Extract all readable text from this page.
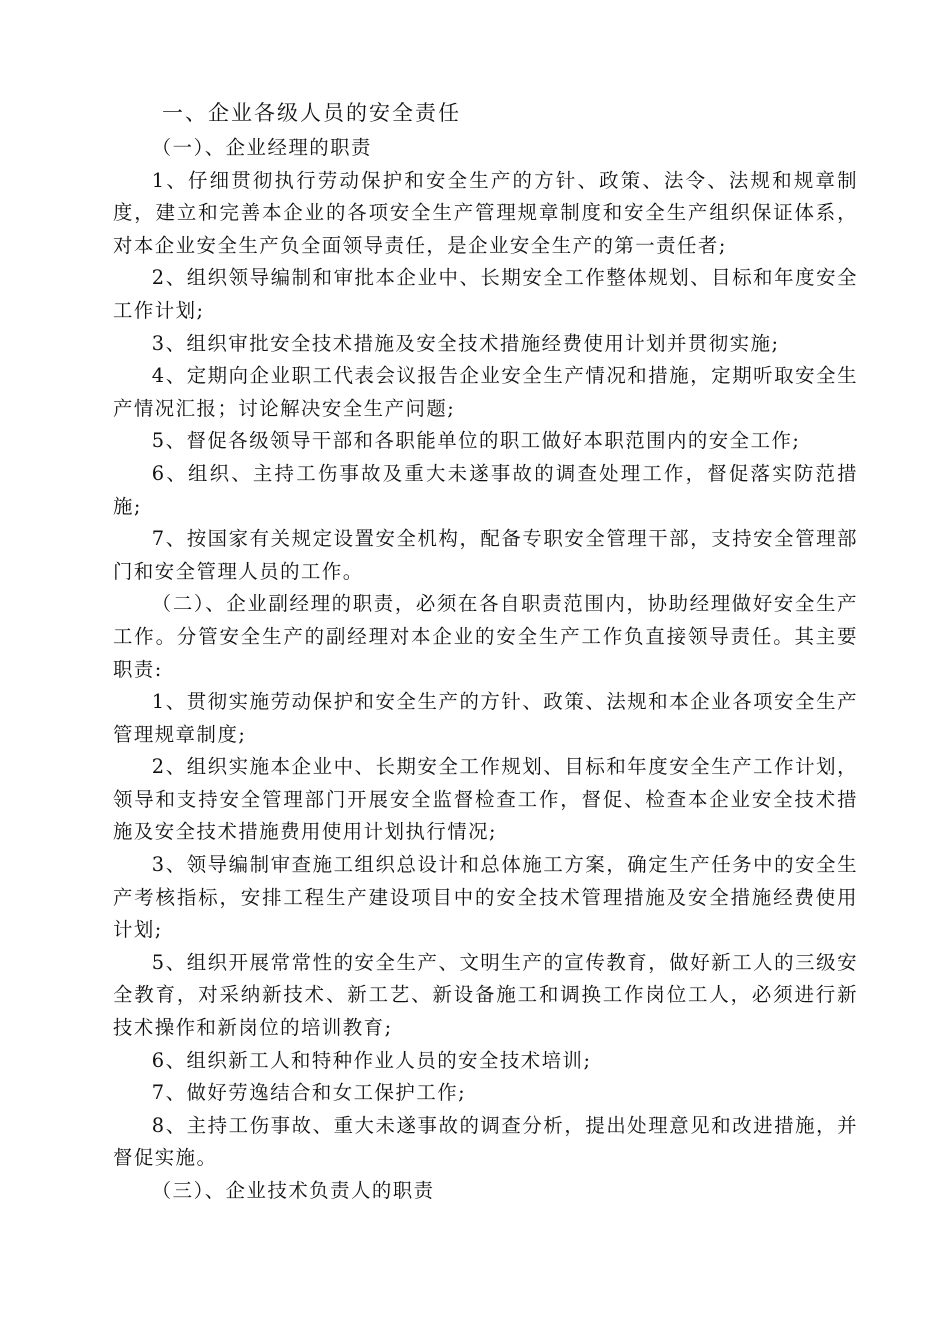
一、企业各级人员的安全责任

（一）、企业经理的职责

1、仔细贯彻执行劳动保护和安全生产的方针、政策、法令、法规和规章制度，建立和完善本企业的各项安全生产管理规章制度和安全生产组织保证体系，对本企业安全生产负全面领导责任，是企业安全生产的第一责任者;

2、组织领导编制和审批本企业中、长期安全工作整体规划、目标和年度安全工作计划;

3、组织审批安全技术措施及安全技术措施经费使用计划并贯彻实施;

4、定期向企业职工代表会议报告企业安全生产情况和措施，定期听取安全生产情况汇报；讨论解决安全生产问题;

5、督促各级领导干部和各职能单位的职工做好本职范围内的安全工作;

6、组织、主持工伤事故及重大未遂事故的调查处理工作，督促落实防范措施;

7、按国家有关规定设置安全机构，配备专职安全管理干部，支持安全管理部门和安全管理人员的工作。

（二）、企业副经理的职责，必须在各自职责范围内，协助经理做好安全生产工作。分管安全生产的副经理对本企业的安全生产工作负直接领导责任。其主要职责:

1、贯彻实施劳动保护和安全生产的方针、政策、法规和本企业各项安全生产管理规章制度;

2、组织实施本企业中、长期安全工作规划、目标和年度安全生产工作计划，领导和支持安全管理部门开展安全监督检查工作，督促、检查本企业安全技术措施及安全技术措施费用使用计划执行情况;

3、领导编制审查施工组织总设计和总体施工方案，确定生产任务中的安全生产考核指标，安排工程生产建设项目中的安全技术管理措施及安全措施经费使用计划;

5、组织开展常常性的安全生产、文明生产的宣传教育，做好新工人的三级安全教育，对采纳新技术、新工艺、新设备施工和调换工作岗位工人，必须进行新技术操作和新岗位的培训教育;

6、组织新工人和特种作业人员的安全技术培训;

7、做好劳逸结合和女工保护工作;

8、主持工伤事故、重大未遂事故的调查分析，提出处理意见和改进措施，并督促实施。

（三）、企业技术负责人的职责
